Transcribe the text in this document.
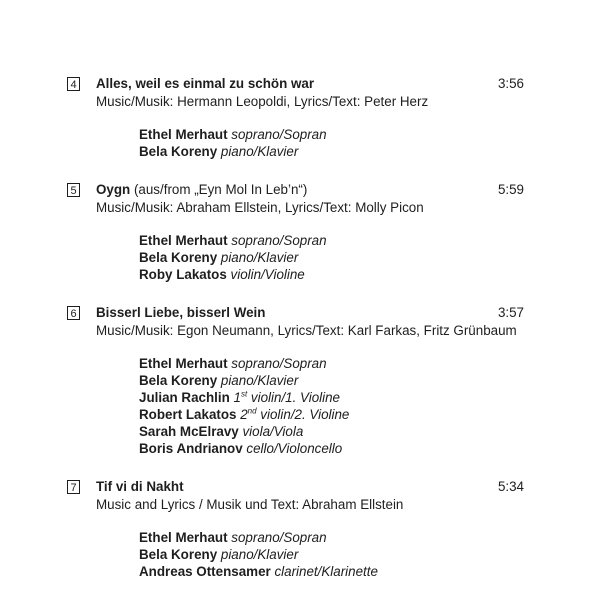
4 Alles, weil es einmal zu schön war	3:56
Music/Musik: Hermann Leopoldi, Lyrics/Text: Peter Herz
Ethel Merhaut soprano/Sopran
Bela Koreny piano/Klavier
5 Oygn (aus/from „Eyn Mol In Leb’n“)	5:59
Music/Musik: Abraham Ellstein, Lyrics/Text: Molly Picon
Ethel Merhaut soprano/Sopran
Bela Koreny piano/Klavier
Roby Lakatos violin/Violine
6 Bisserl Liebe, bisserl Wein	3:57
Music/Musik: Egon Neumann, Lyrics/Text: Karl Farkas, Fritz Grünbaum
Ethel Merhaut soprano/Sopran
Bela Koreny piano/Klavier
Julian Rachlin 1st violin/1. Violine
Robert Lakatos 2nd violin/2. Violine
Sarah McElravy viola/Viola
Boris Andrianov cello/Violoncello
7 Tif vi di Nakht	5:34
Music and Lyrics / Musik und Text: Abraham Ellstein
Ethel Merhaut soprano/Sopran
Bela Koreny piano/Klavier
Andreas Ottensamer clarinet/Klarinette
